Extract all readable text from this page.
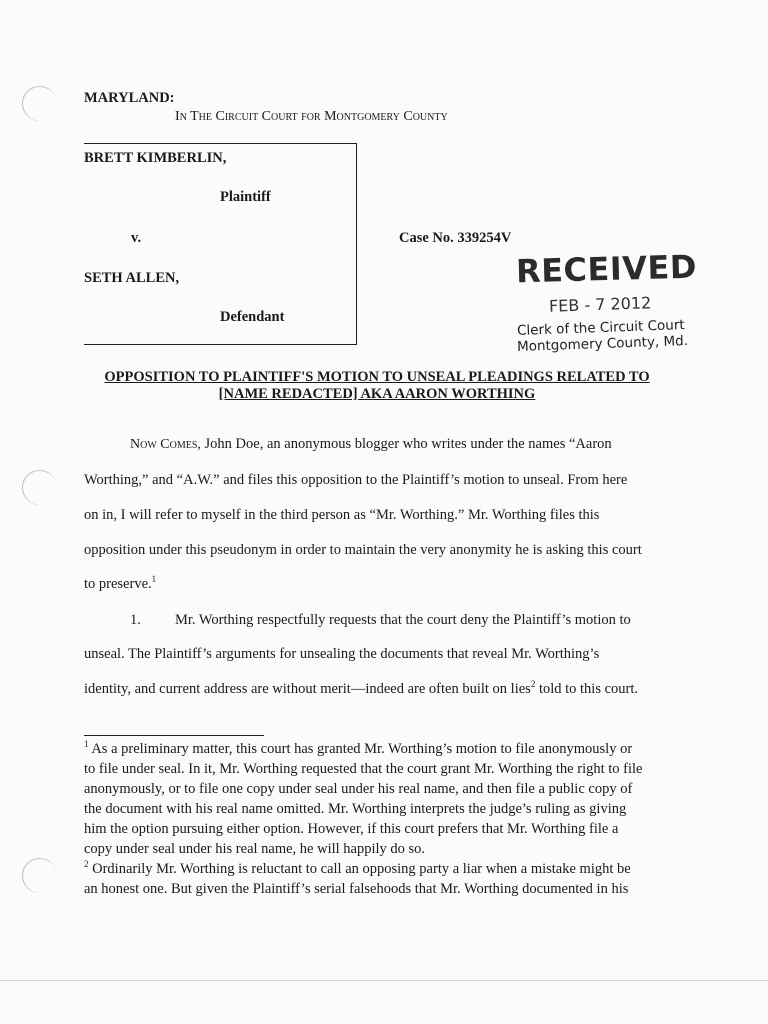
MARYLAND:
In The Circuit Court for Montgomery County
BRETT KIMBERLIN,
Plaintiff
v.
SETH ALLEN,
Defendant
Case No. 339254V
RECEIVED
FEB - 7 2012
Clerk of the Circuit Court
Montgomery County, Md.
OPPOSITION TO PLAINTIFF'S MOTION TO UNSEAL PLEADINGS RELATED TO
[NAME REDACTED] AKA AARON WORTHING
Now Comes, John Doe, an anonymous blogger who writes under the names “Aaron
Worthing,” and “A.W.” and files this opposition to the Plaintiff’s motion to unseal. From here
on in, I will refer to myself in the third person as “Mr. Worthing.” Mr. Worthing files this
opposition under this pseudonym in order to maintain the very anonymity he is asking this court
to preserve.$^1$
1. Mr. Worthing respectfully requests that the court deny the Plaintiff’s motion to
unseal. The Plaintiff’s arguments for unsealing the documents that reveal Mr. Worthing’s
identity, and current address are without merit—indeed are often built on lies$^2$ told to this court.
$^1$ As a preliminary matter, this court has granted Mr. Worthing’s motion to file anonymously or
to file under seal. In it, Mr. Worthing requested that the court grant Mr. Worthing the right to file
anonymously, or to file one copy under seal under his real name, and then file a public copy of
the document with his real name omitted. Mr. Worthing interprets the judge’s ruling as giving
him the option pursuing either option. However, if this court prefers that Mr. Worthing file a
copy under seal under his real name, he will happily do so.
$^2$ Ordinarily Mr. Worthing is reluctant to call an opposing party a liar when a mistake might be
an honest one. But given the Plaintiff’s serial falsehoods that Mr. Worthing documented in his
